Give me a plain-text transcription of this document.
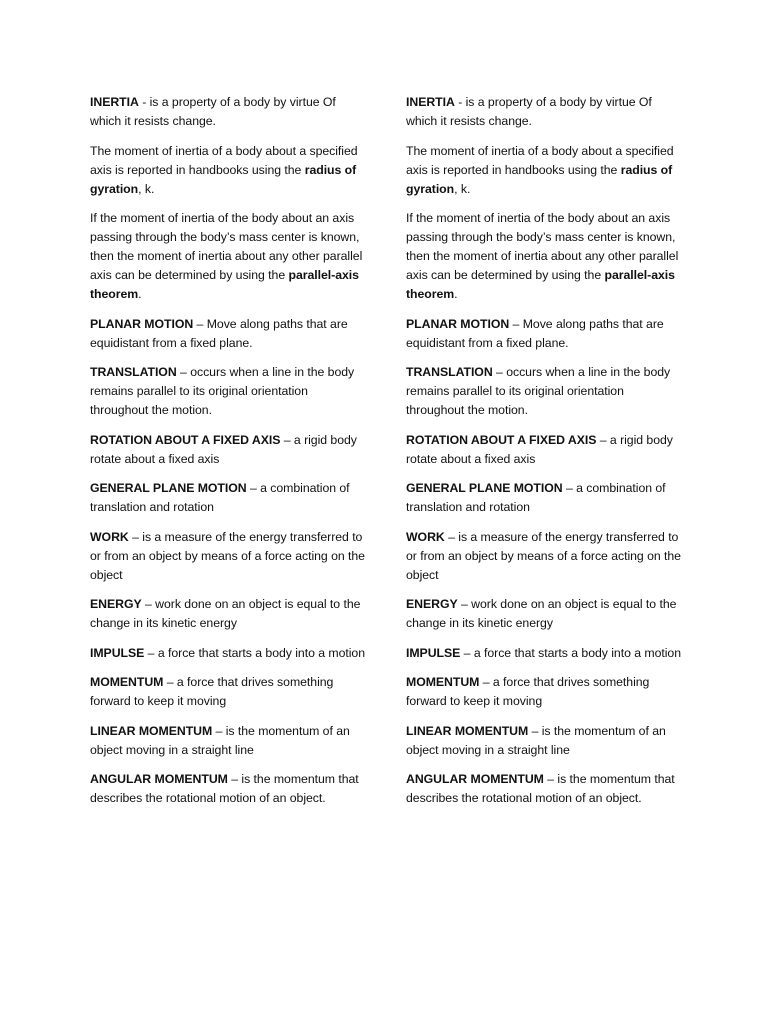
INERTIA - is a property of a body by virtue Of which it resists change.

The moment of inertia of a body about a specified axis is reported in handbooks using the radius of gyration, k.

If the moment of inertia of the body about an axis passing through the body’s mass center is known, then the moment of inertia about any other parallel axis can be determined by using the parallel-axis theorem.

PLANAR MOTION – Move along paths that are equidistant from a fixed plane.

TRANSLATION – occurs when a line in the body remains parallel to its original orientation throughout the motion.

ROTATION ABOUT A FIXED AXIS – a rigid body rotate about a fixed axis

GENERAL PLANE MOTION – a combination of translation and rotation

WORK – is a measure of the energy transferred to or from an object by means of a force acting on the object

ENERGY – work done on an object is equal to the change in its kinetic energy

IMPULSE – a force that starts a body into a motion

MOMENTUM – a force that drives something forward to keep it moving

LINEAR MOMENTUM – is the momentum of an object moving in a straight line

ANGULAR MOMENTUM – is the momentum that describes the rotational motion of an object.

INERTIA - is a property of a body by virtue Of which it resists change.

The moment of inertia of a body about a specified axis is reported in handbooks using the radius of gyration, k.

If the moment of inertia of the body about an axis passing through the body’s mass center is known, then the moment of inertia about any other parallel axis can be determined by using the parallel-axis theorem.

PLANAR MOTION – Move along paths that are equidistant from a fixed plane.

TRANSLATION – occurs when a line in the body remains parallel to its original orientation throughout the motion.

ROTATION ABOUT A FIXED AXIS – a rigid body rotate about a fixed axis

GENERAL PLANE MOTION – a combination of translation and rotation

WORK – is a measure of the energy transferred to or from an object by means of a force acting on the object

ENERGY – work done on an object is equal to the change in its kinetic energy

IMPULSE – a force that starts a body into a motion

MOMENTUM – a force that drives something forward to keep it moving

LINEAR MOMENTUM – is the momentum of an object moving in a straight line

ANGULAR MOMENTUM – is the momentum that describes the rotational motion of an object.
